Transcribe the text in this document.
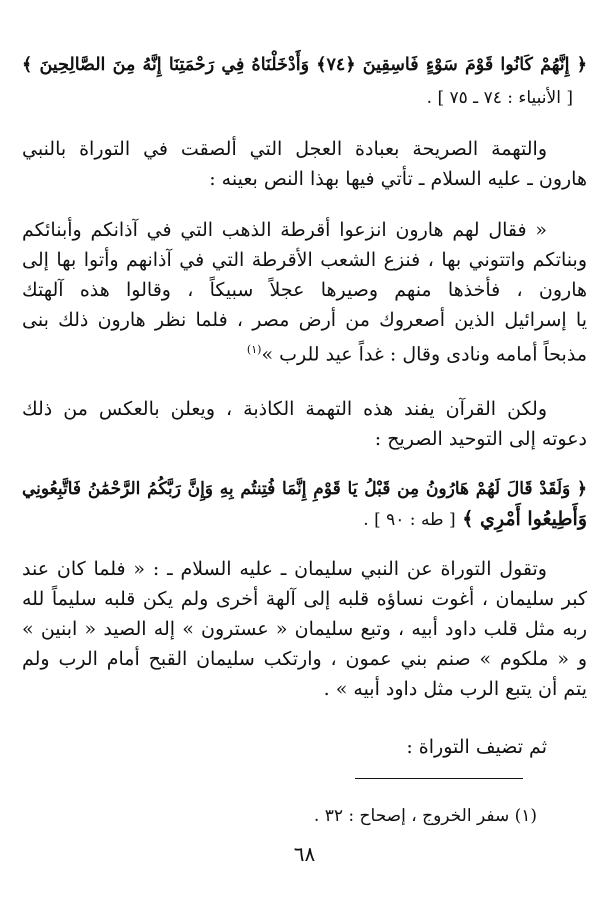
﴿ إِنَّهُمْ كَانُوا قَوْمَ سَوْءٍ فَاسِقِينَ ﴿٧٤﴾ وَأَدْخَلْنَاهُ فِي رَحْمَتِنَا إِنَّهُ مِنَ الصَّالِحِينَ ﴾
[ الأنبياء : ٧٤ ـ ٧٥ ] .
والتهمة الصريحة بعبادة العجل التي ألصقت في التوراة بالنبي
هارون ـ عليه السلام ـ تأتي فيها بهذا النص بعينه :
« فقال لهم هارون انزعوا أقرطة الذهب التي في آذانكم وأبنائكم
وبناتكم واتتوني بها ، فنزع الشعب الأقرطة التي في آذانهم وأتوا بها إلى
هارون ، فأخذها منهم وصيرها عجلاً سبيكاً ، وقالوا هذه آلهتك
يا إسرائيل الذين أصعروك من أرض مصر ، فلما نظر هارون ذلك بنى
مذبحاً أمامه ونادى وقال : غداً عيد للرب »$^{(١)}$
ولكن القرآن يفند هذه التهمة الكاذبة ، ويعلن بالعكس من ذلك
دعوته إلى التوحيد الصريح :
﴿ وَلَقَدْ قَالَ لَهُمْ هَارُونُ مِن قَبْلُ يَا قَوْمِ إِنَّمَا فُتِنتُم بِهِ وَإِنَّ رَبَّكُمُ الرَّحْمَٰنُ فَاتَّبِعُونِي
وَأَطِيعُوا أَمْرِي ﴾ [ طه : ٩٠ ] .
وتقول التوراة عن النبي سليمان ـ عليه السلام ـ : « فلما كان عند
كبر سليمان ، أغوت نساؤه قلبه إلى آلهة أخرى ولم يكن قلبه سليماً لله
ربه مثل قلب داود أبيه ، وتبع سليمان « عسترون » إله الصيد « ابنين »
و « ملكوم » صنم بني عمون ، وارتكب سليمان القبح أمام الرب ولم
يتم أن يتبع الرب مثل داود أبيه » .
ثم تضيف التوراة :
(١) سفر الخروج ، إصحاح : ٣٢ .
٦٨
